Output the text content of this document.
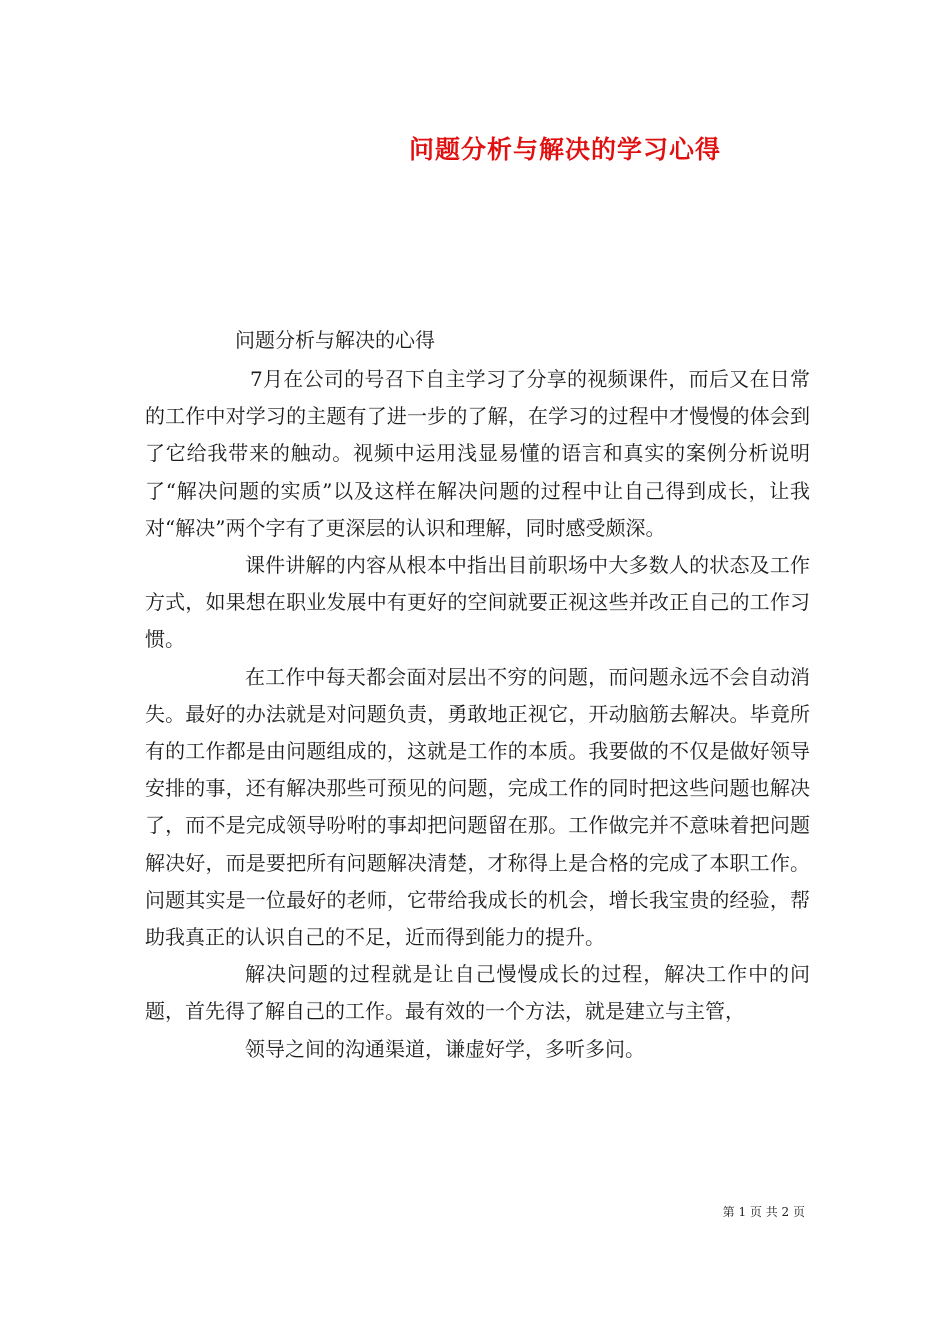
问题分析与解决的学习心得
问题分析与解决的心得

7月在公司的号召下自主学习了分享的视频课件，而后又在日常的工作中对学习的主题有了进一步的了解，在学习的过程中才慢慢的体会到了它给我带来的触动。视频中运用浅显易懂的语言和真实的案例分析说明了“解决问题的实质”以及这样在解决问题的过程中让自己得到成长，让我对“解决”两个字有了更深层的认识和理解，同时感受颇深。

课件讲解的内容从根本中指出目前职场中大多数人的状态及工作方式，如果想在职业发展中有更好的空间就要正视这些并改正自己的工作习惯。

在工作中每天都会面对层出不穷的问题，而问题永远不会自动消失。最好的办法就是对问题负责，勇敢地正视它，开动脑筋去解决。毕竟所有的工作都是由问题组成的，这就是工作的本质。我要做的不仅是做好领导安排的事，还有解决那些可预见的问题，完成工作的同时把这些问题也解决了，而不是完成领导吩咐的事却把问题留在那。工作做完并不意味着把问题解决好，而是要把所有问题解决清楚，才称得上是合格的完成了本职工作。问题其实是一位最好的老师，它带给我成长的机会，增长我宝贵的经验，帮助我真正的认识自己的不足，近而得到能力的提升。

解决问题的过程就是让自己慢慢成长的过程，解决工作中的问题，首先得了解自己的工作。最有效的一个方法，就是建立与主管，

领导之间的沟通渠道，谦虚好学，多听多问。

第 1 页 共 2 页
